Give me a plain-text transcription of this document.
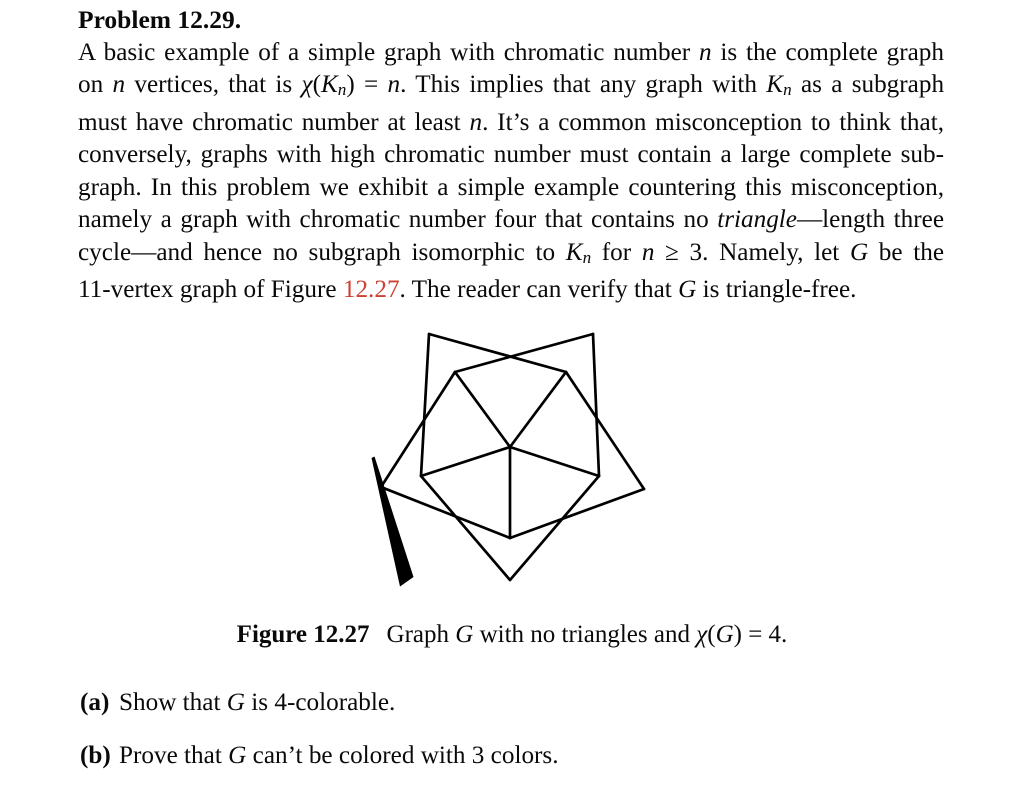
Problem 12.29.
A basic example of a simple graph with chromatic number n is the complete graph
on n vertices, that is χ(Kn) = n. This implies that any graph with Kn as a subgraph
must have chromatic number at least n. It’s a common misconception to think that,
conversely, graphs with high chromatic number must contain a large complete sub-
graph. In this problem we exhibit a simple example countering this misconception,
namely a graph with chromatic number four that contains no triangle—length three
cycle—and hence no subgraph isomorphic to Kn for n ≥ 3. Namely, let G be the
11-vertex graph of Figure 12.27. The reader can verify that G is triangle-free.
Figure 12.27 Graph G with no triangles and χ(G) = 4.
(a) Show that G is 4-colorable.
(b) Prove that G can’t be colored with 3 colors.
